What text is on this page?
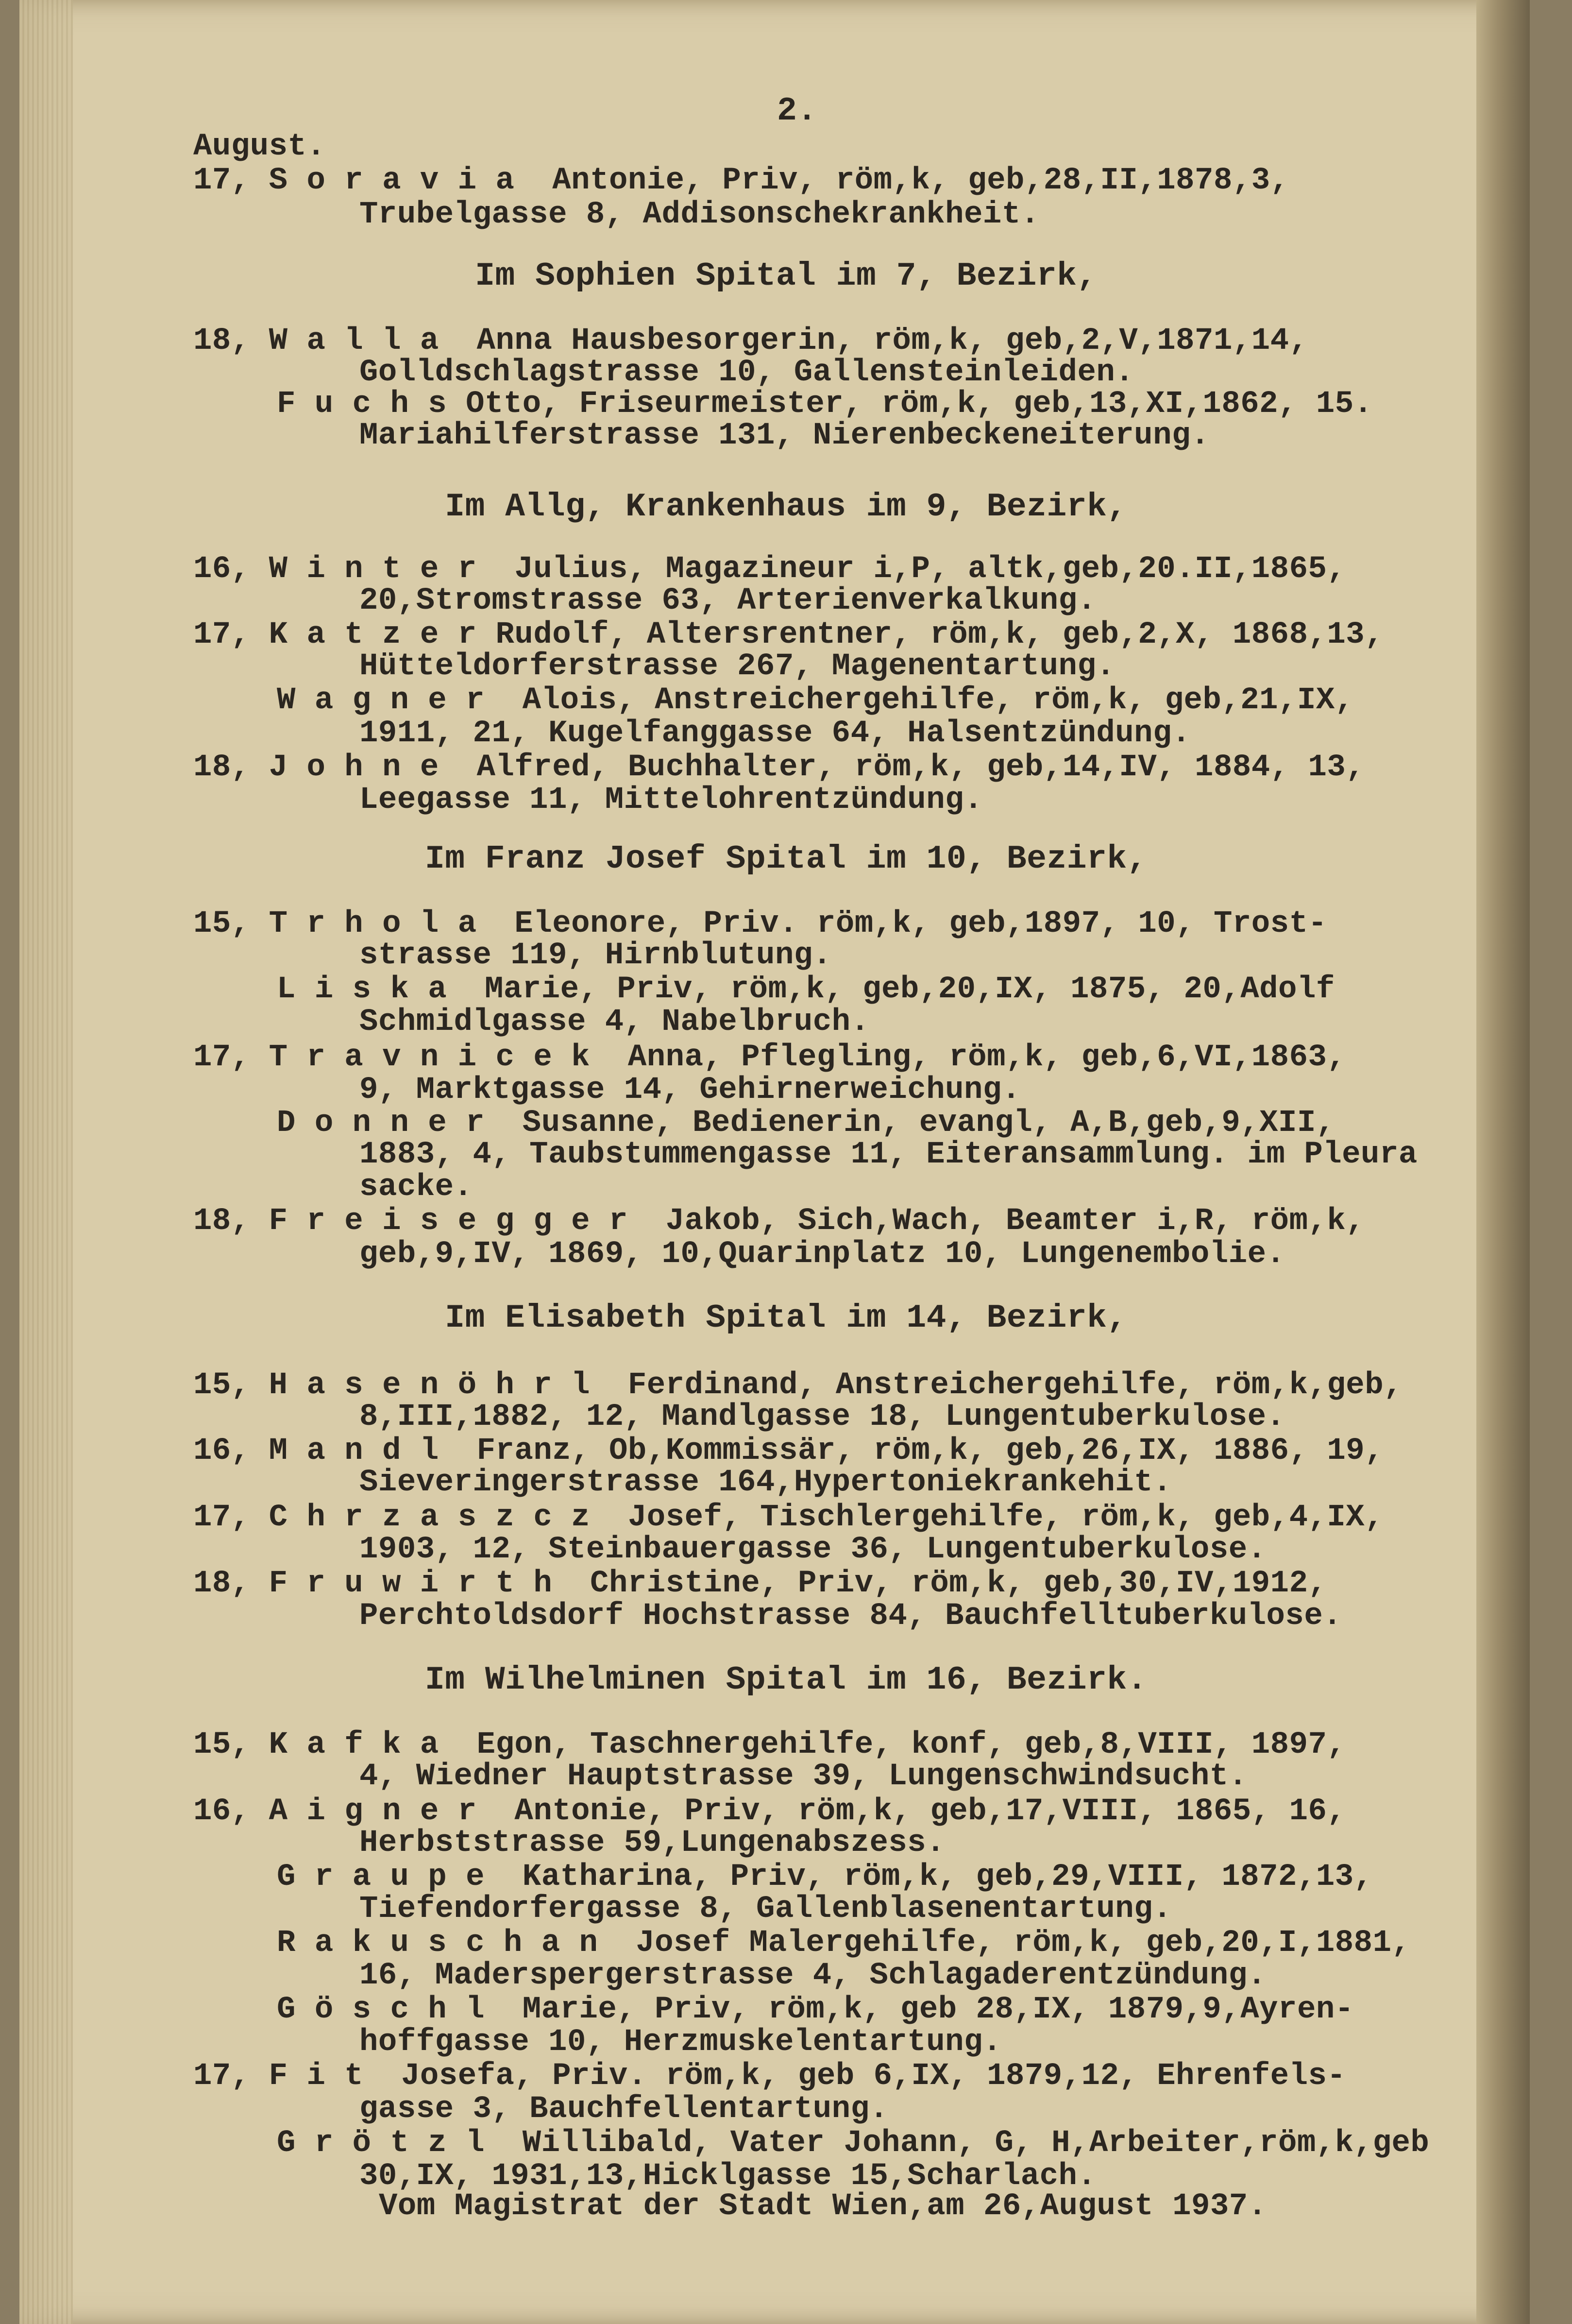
2.
August.
17, S o r a v i a  Antonie, Priv, röm,k, geb,28,II,1878,3,
Trubelgasse 8, Addisonschekrankheit.
Im Sophien Spital im 7, Bezirk,
18, W a l l a  Anna Hausbesorgerin, röm,k, geb,2,V,1871,14,
Golldschlagstrasse 10, Gallensteinleiden.
F u c h s Otto, Friseurmeister, röm,k, geb,13,XI,1862, 15.
Mariahilferstrasse 131, Nierenbeckeneiterung.
Im Allg, Krankenhaus im 9, Bezirk,
16, W i n t e r  Julius, Magazineur i,P, altk,geb,20.II,1865,
20,Stromstrasse 63, Arterienverkalkung.
17, K a t z e r Rudolf, Altersrentner, röm,k, geb,2,X, 1868,13,
Hütteldorferstrasse 267, Magenentartung.
W a g n e r  Alois, Anstreichergehilfe, röm,k, geb,21,IX,
1911, 21, Kugelfanggasse 64, Halsentzündung.
18, J o h n e  Alfred, Buchhalter, röm,k, geb,14,IV, 1884, 13,
Leegasse 11, Mittelohrentzündung.
Im Franz Josef Spital im 10, Bezirk,
15, T r h o l a  Eleonore, Priv. röm,k, geb,1897, 10, Trost-
strasse 119, Hirnblutung.
L i s k a  Marie, Priv, röm,k, geb,20,IX, 1875, 20,Adolf
Schmidlgasse 4, Nabelbruch.
17, T r a v n i c e k  Anna, Pflegling, röm,k, geb,6,VI,1863,
9, Marktgasse 14, Gehirnerweichung.
D o n n e r  Susanne, Bedienerin, evangl, A,B,geb,9,XII,
1883, 4, Taubstummengasse 11, Eiteransammlung. im Pleura
sacke.
18, F r e i s e g g e r  Jakob, Sich,Wach, Beamter i,R, röm,k,
geb,9,IV, 1869, 10,Quarinplatz 10, Lungenembolie.
Im Elisabeth Spital im 14, Bezirk,
15, H a s e n ö h r l  Ferdinand, Anstreichergehilfe, röm,k,geb,
8,III,1882, 12, Mandlgasse 18, Lungentuberkulose.
16, M a n d l  Franz, Ob,Kommissär, röm,k, geb,26,IX, 1886, 19,
Sieveringerstrasse 164,Hypertoniekrankehit.
17, C h r z a s z c z  Josef, Tischlergehilfe, röm,k, geb,4,IX,
1903, 12, Steinbauergasse 36, Lungentuberkulose.
18, F r u w i r t h  Christine, Priv, röm,k, geb,30,IV,1912,
Perchtoldsdorf Hochstrasse 84, Bauchfelltuberkulose.
Im Wilhelminen Spital im 16, Bezirk.
15, K a f k a  Egon, Taschnergehilfe, konf, geb,8,VIII, 1897,
4, Wiedner Hauptstrasse 39, Lungenschwindsucht.
16, A i g n e r  Antonie, Priv, röm,k, geb,17,VIII, 1865, 16,
Herbststrasse 59,Lungenabszess.
G r a u p e  Katharina, Priv, röm,k, geb,29,VIII, 1872,13,
Tiefendorfergasse 8, Gallenblasenentartung.
R a k u s c h a n  Josef Malergehilfe, röm,k, geb,20,I,1881,
16, Maderspergerstrasse 4, Schlagaderentzündung.
G ö s c h l  Marie, Priv, röm,k, geb 28,IX, 1879,9,Ayren-
hoffgasse 10, Herzmuskelentartung.
17, F i t  Josefa, Priv. röm,k, geb 6,IX, 1879,12, Ehrenfels-
gasse 3, Bauchfellentartung.
G r ö t z l  Willibald, Vater Johann, G, H,Arbeiter,röm,k,geb
30,IX, 1931,13,Hicklgasse 15,Scharlach.
Vom Magistrat der Stadt Wien,am 26,August 1937.
